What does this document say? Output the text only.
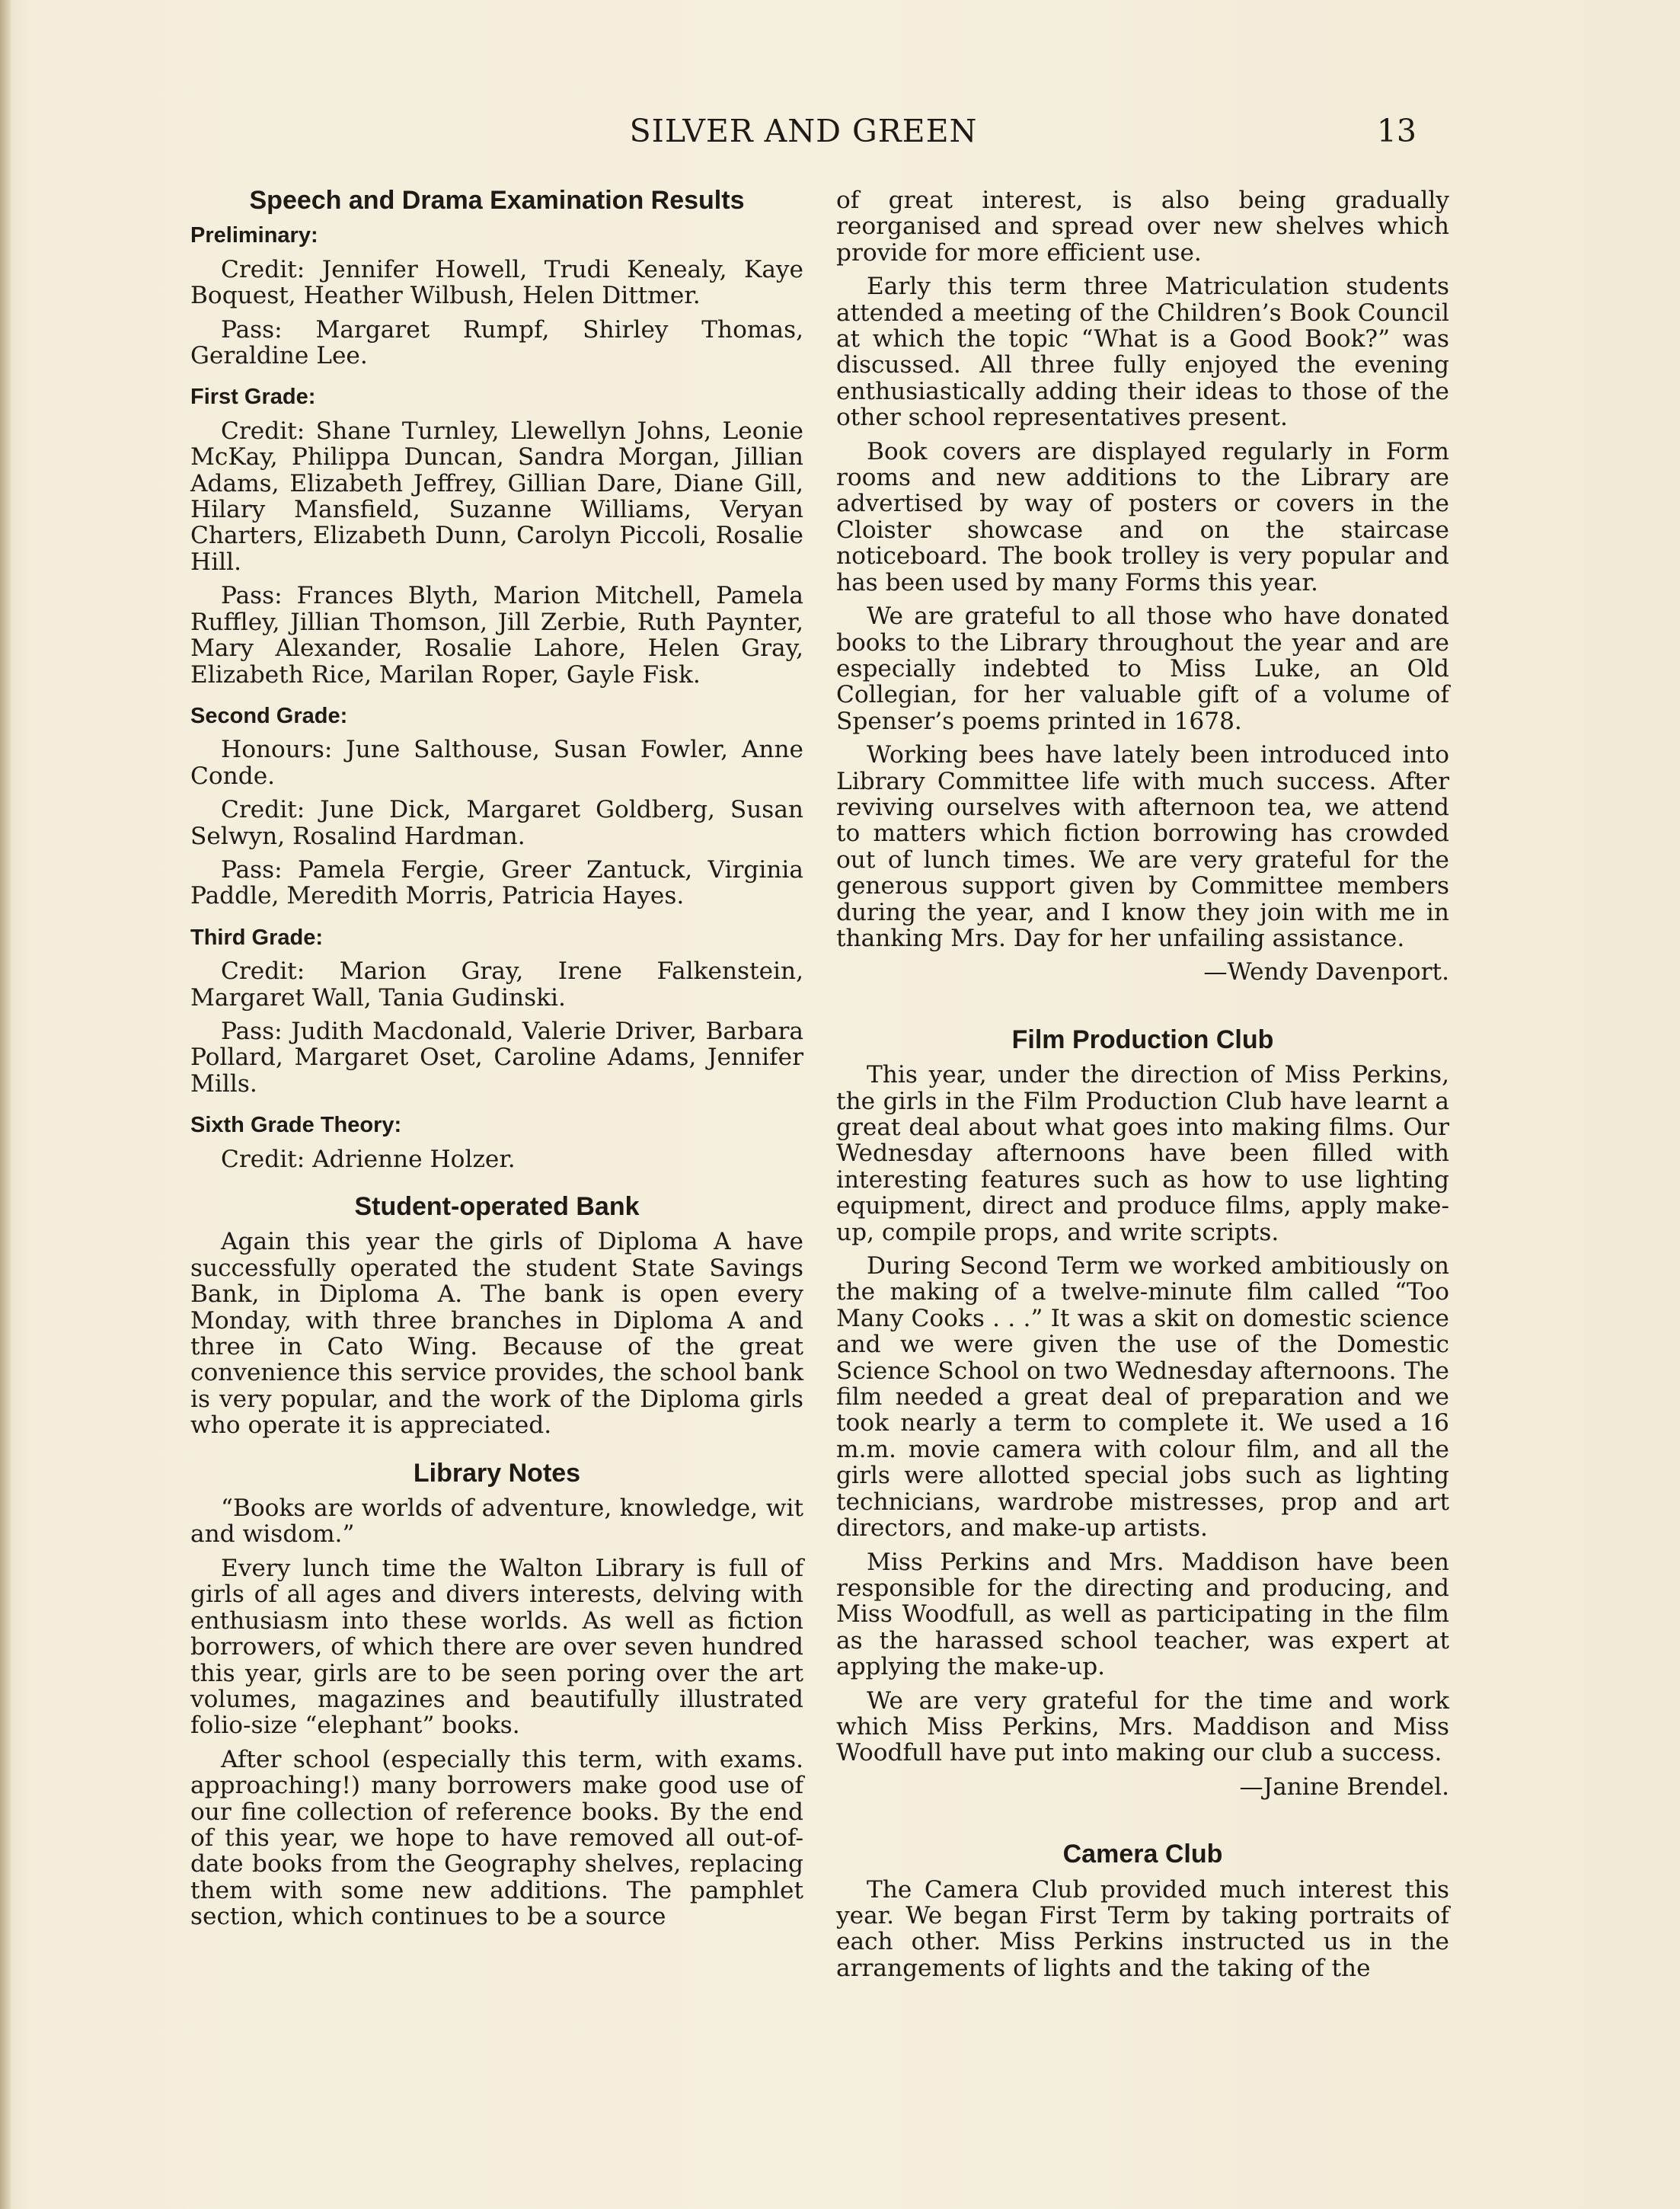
SILVER AND GREEN	13
Speech and Drama Examination Results
Preliminary:

Credit: Jennifer Howell, Trudi Kenealy, Kaye Boquest, Heather Wilbush, Helen Dittmer.

Pass: Margaret Rumpf, Shirley Thomas, Geraldine Lee.

First Grade:

Credit: Shane Turnley, Llewellyn Johns, Leonie McKay, Philippa Duncan, Sandra Morgan, Jillian Adams, Elizabeth Jeffrey, Gillian Dare, Diane Gill, Hilary Mansfield, Suzanne Williams, Veryan Charters, Elizabeth Dunn, Carolyn Piccoli, Rosalie Hill.

Pass: Frances Blyth, Marion Mitchell, Pamela Ruffley, Jillian Thomson, Jill Zerbie, Ruth Paynter, Mary Alexander, Rosalie Lahore, Helen Gray, Elizabeth Rice, Marilan Roper, Gayle Fisk.

Second Grade:

Honours: June Salthouse, Susan Fowler, Anne Conde.

Credit: June Dick, Margaret Goldberg, Susan Selwyn, Rosalind Hardman.

Pass: Pamela Fergie, Greer Zantuck, Virginia Paddle, Meredith Morris, Patricia Hayes.

Third Grade:

Credit: Marion Gray, Irene Falkenstein, Margaret Wall, Tania Gudinski.

Pass: Judith Macdonald, Valerie Driver, Barbara Pollard, Margaret Oset, Caroline Adams, Jennifer Mills.

Sixth Grade Theory:

Credit: Adrienne Holzer.

Student-operated Bank

Again this year the girls of Diploma A have successfully operated the student State Savings Bank, in Diploma A. The bank is open every Monday, with three branches in Diploma A and three in Cato Wing. Because of the great convenience this service provides, the school bank is very popular, and the work of the Diploma girls who operate it is appreciated.

Library Notes

“Books are worlds of adventure, knowledge, wit and wisdom.”

Every lunch time the Walton Library is full of girls of all ages and divers interests, delving with enthusiasm into these worlds. As well as fiction borrowers, of which there are over seven hundred this year, girls are to be seen poring over the art volumes, magazines and beautifully illustrated folio-size “elephant” books.

After school (especially this term, with exams. approaching!) many borrowers make good use of our fine collection of reference books. By the end of this year, we hope to have removed all out-of-date books from the Geography shelves, replacing them with some new additions. The pamphlet section, which continues to be a source

of great interest, is also being gradually reorganised and spread over new shelves which provide for more efficient use.

Early this term three Matriculation students attended a meeting of the Children’s Book Council at which the topic “What is a Good Book?” was discussed. All three fully enjoyed the evening enthusiastically adding their ideas to those of the other school representatives present.

Book covers are displayed regularly in Form rooms and new additions to the Library are advertised by way of posters or covers in the Cloister showcase and on the staircase noticeboard. The book trolley is very popular and has been used by many Forms this year.

We are grateful to all those who have donated books to the Library throughout the year and are especially indebted to Miss Luke, an Old Collegian, for her valuable gift of a volume of Spenser’s poems printed in 1678.

Working bees have lately been introduced into Library Committee life with much success. After reviving ourselves with afternoon tea, we attend to matters which fiction borrowing has crowded out of lunch times. We are very grateful for the generous support given by Committee members during the year, and I know they join with me in thanking Mrs. Day for her unfailing assistance.

—Wendy Davenport.
Film Production Club

This year, under the direction of Miss Perkins, the girls in the Film Production Club have learnt a great deal about what goes into making films. Our Wednesday afternoons have been filled with interesting features such as how to use lighting equipment, direct and produce films, apply make-up, compile props, and write scripts.

During Second Term we worked ambitiously on the making of a twelve-minute film called “Too Many Cooks . . .” It was a skit on domestic science and we were given the use of the Domestic Science School on two Wednesday afternoons. The film needed a great deal of preparation and we took nearly a term to complete it. We used a 16 m.m. movie camera with colour film, and all the girls were allotted special jobs such as lighting technicians, wardrobe mistresses, prop and art directors, and make-up artists.

Miss Perkins and Mrs. Maddison have been responsible for the directing and producing, and Miss Woodfull, as well as participating in the film as the harassed school teacher, was expert at applying the make-up.

We are very grateful for the time and work which Miss Perkins, Mrs. Maddison and Miss Woodfull have put into making our club a success.

—Janine Brendel.
Camera Club

The Camera Club provided much interest this year. We began First Term by taking portraits of each other. Miss Perkins instructed us in the arrangements of lights and the taking of the
